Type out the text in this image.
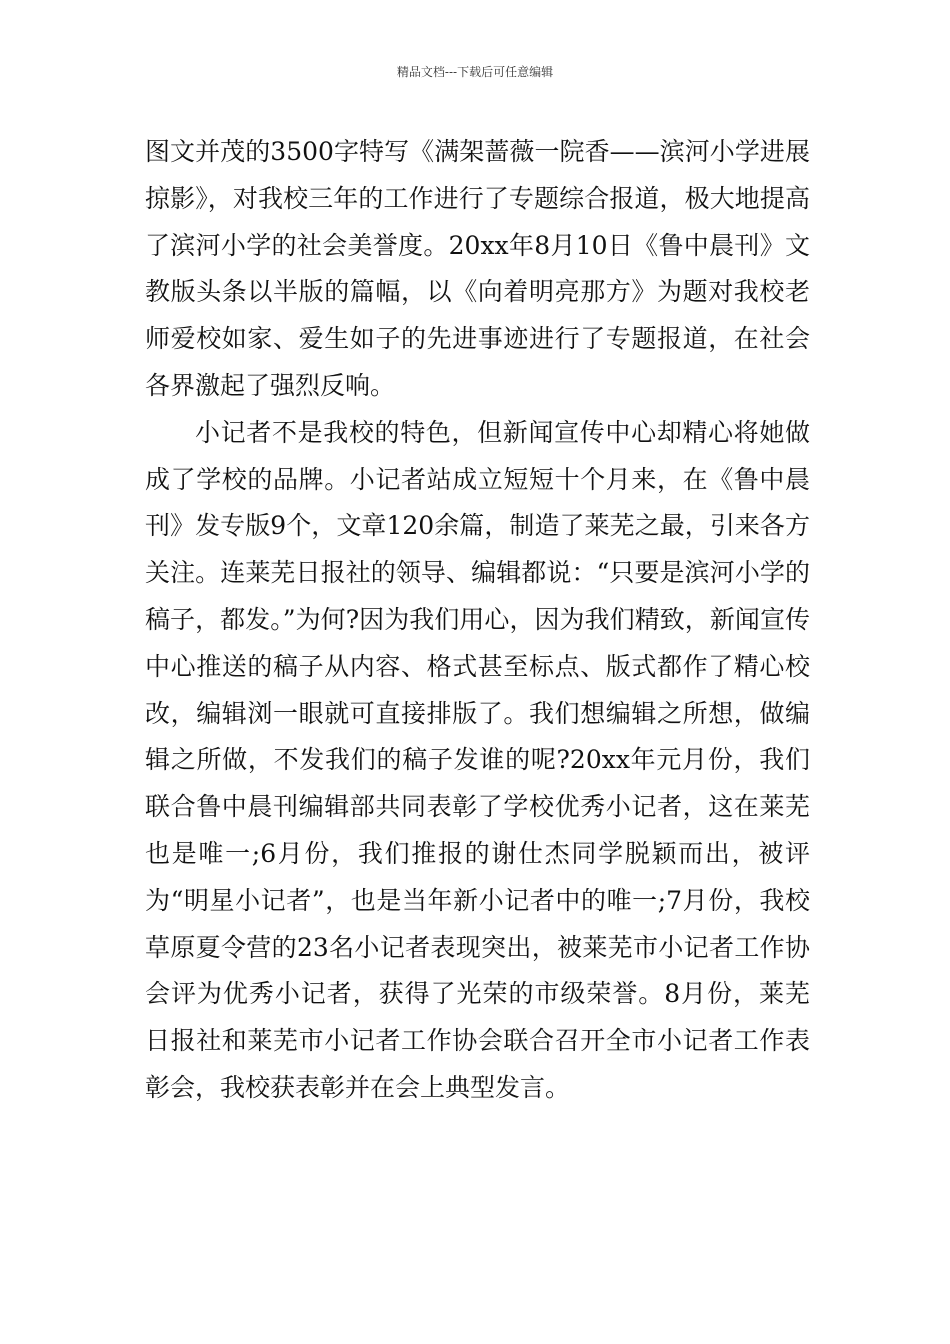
精品文档---下载后可任意编辑

图文并茂的3500字特写《满架蔷薇一院香——滨河小学进展掠影》，对我校三年的工作进行了专题综合报道，极大地提高了滨河小学的社会美誉度。20xx年8月10日《鲁中晨刊》文教版头条以半版的篇幅，以《向着明亮那方》为题对我校老师爱校如家、爱生如子的先进事迹进行了专题报道，在社会各界激起了强烈反响。

小记者不是我校的特色，但新闻宣传中心却精心将她做成了学校的品牌。小记者站成立短短十个月来，在《鲁中晨刊》发专版9个，文章120余篇，制造了莱芜之最，引来各方关注。连莱芜日报社的领导、编辑都说：“只要是滨河小学的稿子，都发。”为何?因为我们用心，因为我们精致，新闻宣传中心推送的稿子从内容、格式甚至标点、版式都作了精心校改，编辑浏一眼就可直接排版了。我们想编辑之所想，做编辑之所做，不发我们的稿子发谁的呢?20xx年元月份，我们联合鲁中晨刊编辑部共同表彰了学校优秀小记者，这在莱芜也是唯一;6月份，我们推报的谢仕杰同学脱颖而出，被评为“明星小记者”，也是当年新小记者中的唯一;7月份，我校草原夏令营的23名小记者表现突出，被莱芜市小记者工作协会评为优秀小记者，获得了光荣的市级荣誉。8月份，莱芜日报社和莱芜市小记者工作协会联合召开全市小记者工作表彰会，我校获表彰并在会上典型发言。
